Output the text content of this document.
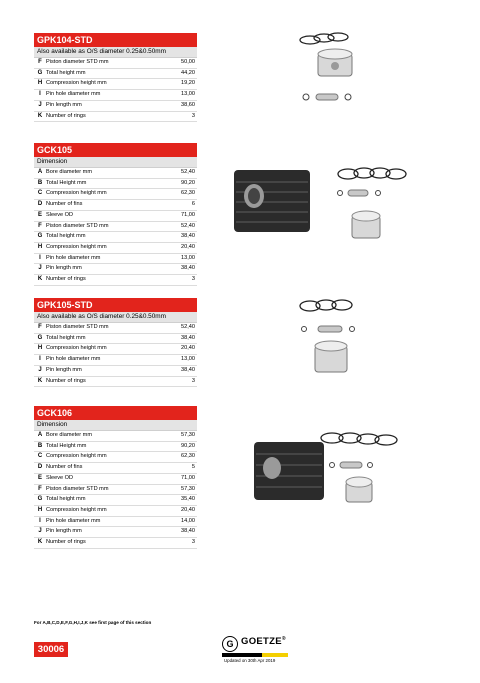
GPK104-STD
Also available as O/S diameter 0.25&0.50mm
F	Piston diameter STD mm	50,00
G	Total height mm	44,20
H	Compression height mm	19,20
I	Pin hole diameter mm	13,00
J	Pin length mm	38,60
K	Number of rings	3
GCK105
Dimension
A	Bore diameter mm	52,40
B	Total Height mm	90,20
C	Compression height mm	62,30
D	Number of fins	6
E	Sleeve OD	71,00
F	Piston diameter STD mm	52,40
G	Total height mm	38,40
H	Compression height mm	20,40
I	Pin hole diameter mm	13,00
J	Pin length mm	38,40
K	Number of rings	3
GPK105-STD
Also available as O/S diameter 0.25&0.50mm
F	Piston diameter STD mm	52,40
G	Total height mm	38,40
H	Compression height mm	20,40
I	Pin hole diameter mm	13,00
J	Pin length mm	38,40
K	Number of rings	3
GCK106
Dimension
A	Bore diameter mm	57,30
B	Total Height mm	90,20
C	Compression height mm	62,30
D	Number of fins	5
E	Sleeve OD	71,00
F	Piston diameter STD mm	57,30
G	Total height mm	35,40
H	Compression height mm	20,40
I	Pin hole diameter mm	14,00
J	Pin length mm	38,40
K	Number of rings	3
For A,B,C,D,E,F,G,H,I,J,K see first page of this section
30006	G GOETZE®
Updated on 30th Apr 2019
